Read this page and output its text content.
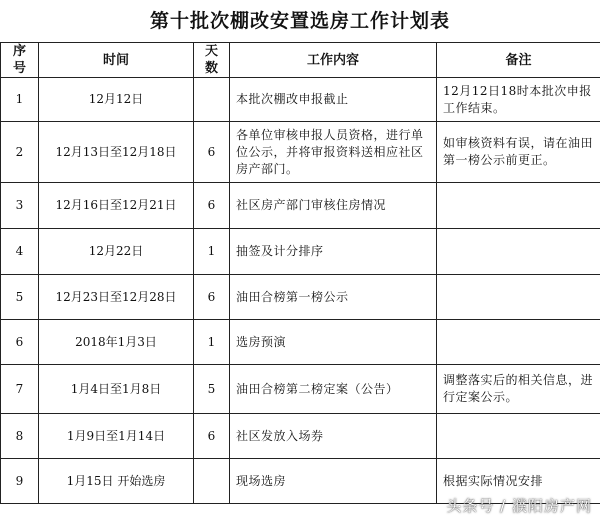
第十批次棚改安置选房工作计划表
序号	时间	天数	工作内容	备注
1	12月12日		本批次棚改申报截止	12月12日18时本批次申报工作结束。
2	12月13日至12月18日	6	各单位审核申报人员资格，进行单位公示，并将审报资料送相应社区房产部门。	如审核资料有误，请在油田第一榜公示前更正。
3	12月16日至12月21日	6	社区房产部门审核住房情况	
4	12月22日	1	抽签及计分排序	
5	12月23日至12月28日	6	油田合榜第一榜公示	
6	2018年1月3日	1	选房预演	
7	1月4日至1月8日	5	油田合榜第二榜定案（公告）	调整落实后的相关信息，进行定案公示。
8	1月9日至1月14日	6	社区发放入场券	
9	1月15日 开始选房		现场选房	根据实际情况安排
头条号 / 濮阳房产网
